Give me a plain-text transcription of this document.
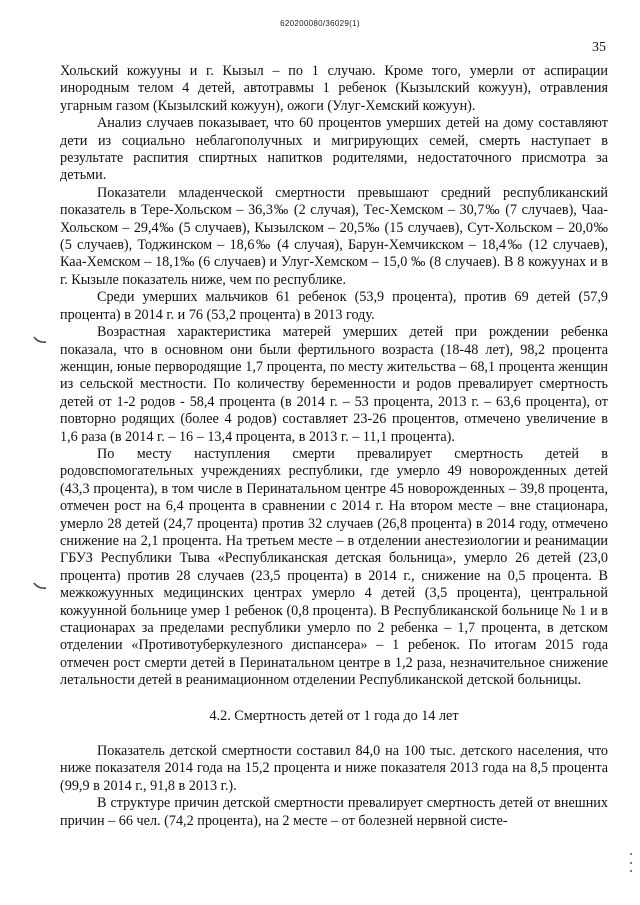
620200080/36029(1)
35

Хольский кожууны и г. Кызыл – по 1 случаю. Кроме того, умерли от аспирации инородным телом 4 детей, автотравмы 1 ребенок (Кызылский кожуун), отравления угарным газом (Кызылский кожуун), ожоги (Улуг-Хемский кожуун).

Анализ случаев показывает, что 60 процентов умерших детей на дому составляют дети из социально неблагополучных и мигрирующих семей, смерть наступает в результате распития спиртных напитков родителями, недостаточного присмотра за детьми.

Показатели младенческой смертности превышают средний республиканский показатель в Тере-Хольском – 36,3‰ (2 случая), Тес-Хемском – 30,7‰ (7 случаев), Чаа-Хольском – 29,4‰ (5 случаев), Кызылском – 20,5‰ (15 случаев), Сут-Хольском – 20,0‰ (5 случаев), Тоджинском – 18,6‰ (4 случая), Барун-Хемчикском – 18,4‰ (12 случаев), Каа-Хемском – 18,1‰ (6 случаев) и Улуг-Хемском – 15,0 ‰ (8 случаев). В 8 кожуунах и в г. Кызыле показатель ниже, чем по республике.

Среди умерших мальчиков 61 ребенок (53,9 процента), против 69 детей (57,9 процента) в 2014 г. и 76 (53,2 процента) в 2013 году.

Возрастная характеристика матерей умерших детей при рождении ребенка показала, что в основном они были фертильного возраста (18-48 лет), 98,2 процента женщин, юные первородящие 1,7 процента, по месту жительства – 68,1 процента женщин из сельской местности. По количеству беременности и родов превалирует смертность детей от 1-2 родов - 58,4 процента (в 2014 г. – 53 процента, 2013 г. – 63,6 процента), от повторно родящих (более 4 родов) составляет 23-26 процентов, отмечено увеличение в 1,6 раза (в 2014 г. – 16 – 13,4 процента, в 2013 г. – 11,1 процента).

По месту наступления смерти превалирует смертность детей в родовспомогательных учреждениях республики, где умерло 49 новорожденных детей (43,3 процента), в том числе в Перинатальном центре 45 новорожденных – 39,8 процента, отмечен рост на 6,4 процента в сравнении с 2014 г. На втором месте – вне стационара, умерло 28 детей (24,7 процента) против 32 случаев (26,8 процента) в 2014 году, отмечено снижение на 2,1 процента. На третьем месте – в отделении анестезиологии и реанимации ГБУЗ Республики Тыва «Республиканская детская больница», умерло 26 детей (23,0 процента) против 28 случаев (23,5 процента) в 2014 г., снижение на 0,5 процента. В межкожуунных медицинских центрах умерло 4 детей (3,5 процента), центральной кожуунной больнице умер 1 ребенок (0,8 процента). В Республиканской больнице № 1 и в стационарах за пределами республики умерло по 2 ребенка – 1,7 процента, в детском отделении «Противотуберкулезного диспансера» – 1 ребенок. По итогам 2015 года отмечен рост смерти детей в Перинатальном центре в 1,2 раза, незначительное снижение летальности детей в реанимационном отделении Республиканской детской больницы.

4.2. Смертность детей от 1 года до 14 лет

Показатель детской смертности составил 84,0 на 100 тыс. детского населения, что ниже показателя 2014 года на 15,2 процента и ниже показателя 2013 года на 8,5 процента (99,9 в 2014 г., 91,8 в 2013 г.).

В структуре причин детской смертности превалирует смертность детей от внешних причин – 66 чел. (74,2 процента), на 2 месте – от болезней нервной систе-
